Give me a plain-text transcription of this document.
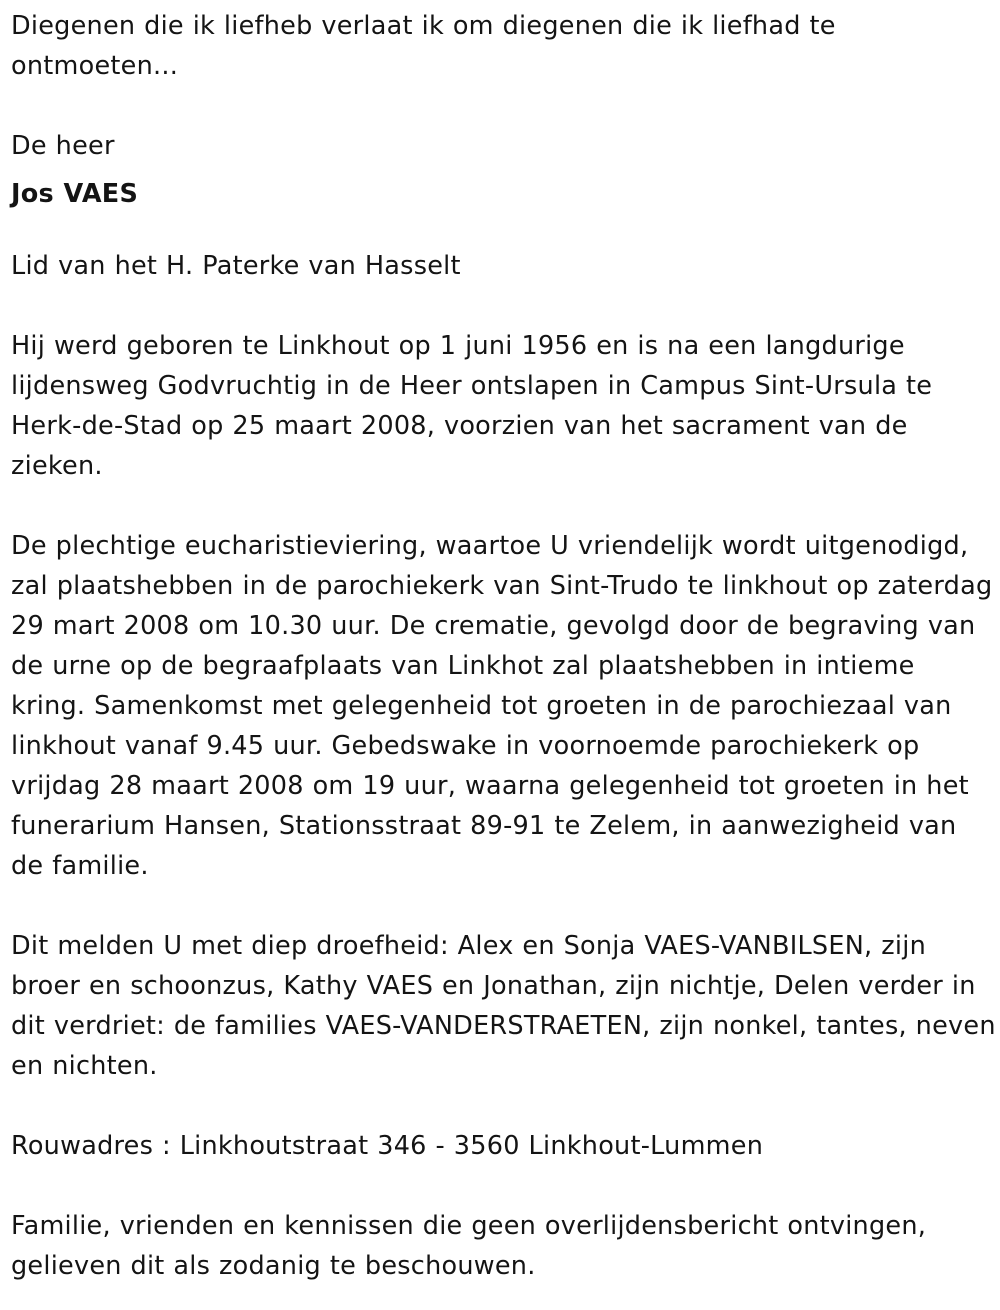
Diegenen die ik liefheb verlaat ik om diegenen die ik liefhad te ontmoeten...

De heer

Jos VAES

Lid van het H. Paterke van Hasselt

Hij werd geboren te Linkhout op 1 juni 1956 en is na een langdurige lijdensweg Godvruchtig in de Heer ontslapen in Campus Sint-Ursula te Herk-de-Stad op 25 maart 2008, voorzien van het sacrament van de zieken.

De plechtige eucharistieviering, waartoe U vriendelijk wordt uitgenodigd, zal plaatshebben in de parochiekerk van Sint-Trudo te linkhout op zaterdag 29 mart 2008 om 10.30 uur. De crematie, gevolgd door de begraving van de urne op de begraafplaats van Linkhot zal plaatshebben in intieme kring. Samenkomst met gelegenheid tot groeten in de parochiezaal van linkhout vanaf 9.45 uur. Gebedswake in voornoemde parochiekerk op vrijdag 28 maart 2008 om 19 uur, waarna gelegenheid tot groeten in het funerarium Hansen, Stationsstraat 89-91 te Zelem, in aanwezigheid van de familie.

Dit melden U met diep droefheid: Alex en Sonja VAES-VANBILSEN, zijn broer en schoonzus, Kathy VAES en Jonathan, zijn nichtje, Delen verder in dit verdriet: de families VAES-VANDERSTRAETEN, zijn nonkel, tantes, neven en nichten.

Rouwadres : Linkhoutstraat 346 - 3560 Linkhout-Lummen

Familie, vrienden en kennissen die geen overlijdensbericht ontvingen, gelieven dit als zodanig te beschouwen.
